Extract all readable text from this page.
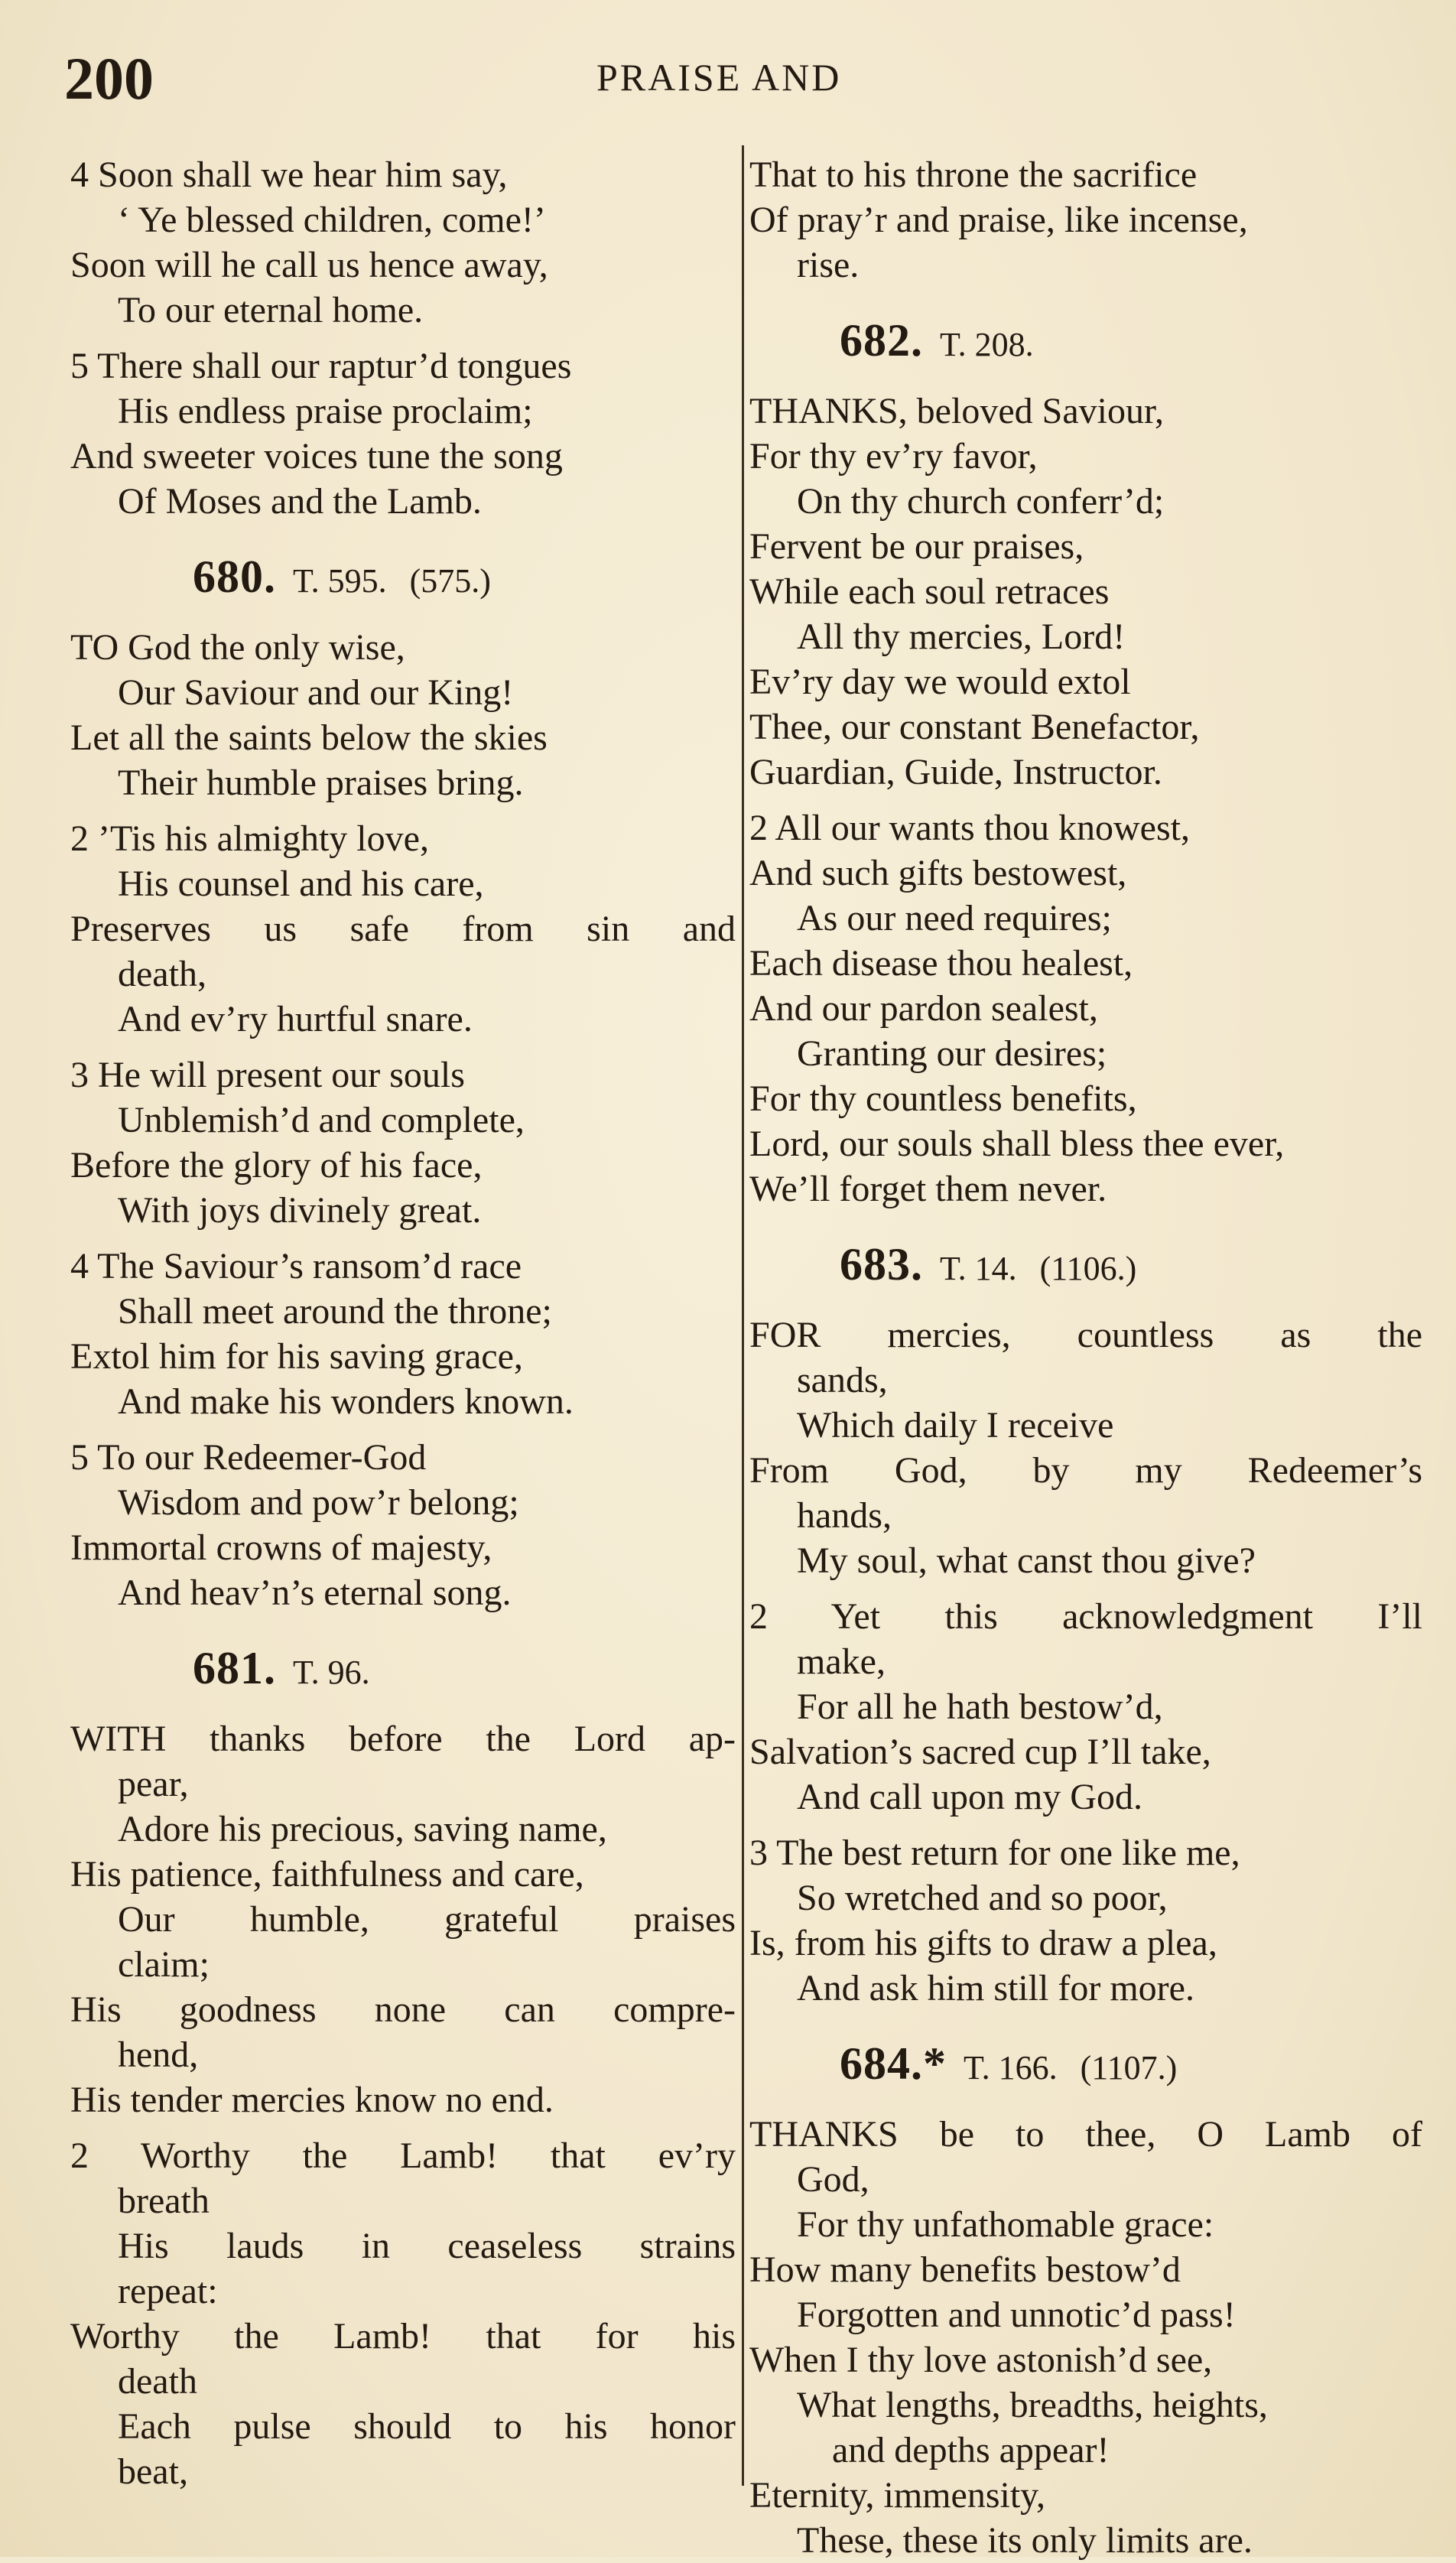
200	PRAISE AND
4 Soon shall we hear him say,
‘ Ye blessed children, come!’
Soon will he call us hence away,
To our eternal home.
5 There shall our raptur’d tongues
His endless praise proclaim;
And sweeter voices tune the song
Of Moses and the Lamb.
680. T. 595. (575.)
TO God the only wise,
Our Saviour and our King!
Let all the saints below the skies
Their humble praises bring.
2 ’Tis his almighty love,
His counsel and his care,
Preserves us safe from sin and
death,
And ev’ry hurtful snare.
3 He will present our souls
Unblemish’d and complete,
Before the glory of his face,
With joys divinely great.
4 The Saviour’s ransom’d race
Shall meet around the throne;
Extol him for his saving grace,
And make his wonders known.
5 To our Redeemer-God
Wisdom and pow’r belong;
Immortal crowns of majesty,
And heav’n’s eternal song.
681. T. 96.
WITH thanks before the Lord ap-
pear,
Adore his precious, saving name,
His patience, faithfulness and care,
Our humble, grateful praises
claim;
His goodness none can compre-
hend,
His tender mercies know no end.
2 Worthy the Lamb! that ev’ry
breath
His lauds in ceaseless strains
repeat:
Worthy the Lamb! that for his
death
Each pulse should to his honor
beat,
That to his throne the sacrifice
Of pray’r and praise, like incense,
rise.
682. T. 208.
THANKS, beloved Saviour,
For thy ev’ry favor,
On thy church conferr’d;
Fervent be our praises,
While each soul retraces
All thy mercies, Lord!
Ev’ry day we would extol
Thee, our constant Benefactor,
Guardian, Guide, Instructor.
2 All our wants thou knowest,
And such gifts bestowest,
As our need requires;
Each disease thou healest,
And our pardon sealest,
Granting our desires;
For thy countless benefits,
Lord, our souls shall bless thee ever,
We’ll forget them never.
683. T. 14. (1106.)
FOR mercies, countless as the
sands,
Which daily I receive
From God, by my Redeemer’s
hands,
My soul, what canst thou give?
2 Yet this acknowledgment I’ll
make,
For all he hath bestow’d,
Salvation’s sacred cup I’ll take,
And call upon my God.
3 The best return for one like me,
So wretched and so poor,
Is, from his gifts to draw a plea,
And ask him still for more.
684.* T. 166. (1107.)
THANKS be to thee, O Lamb of
God,
For thy unfathomable grace:
How many benefits bestow’d
Forgotten and unnotic’d pass!
When I thy love astonish’d see,
What lengths, breadths, heights,
and depths appear!
Eternity, immensity,
These, these its only limits are.
